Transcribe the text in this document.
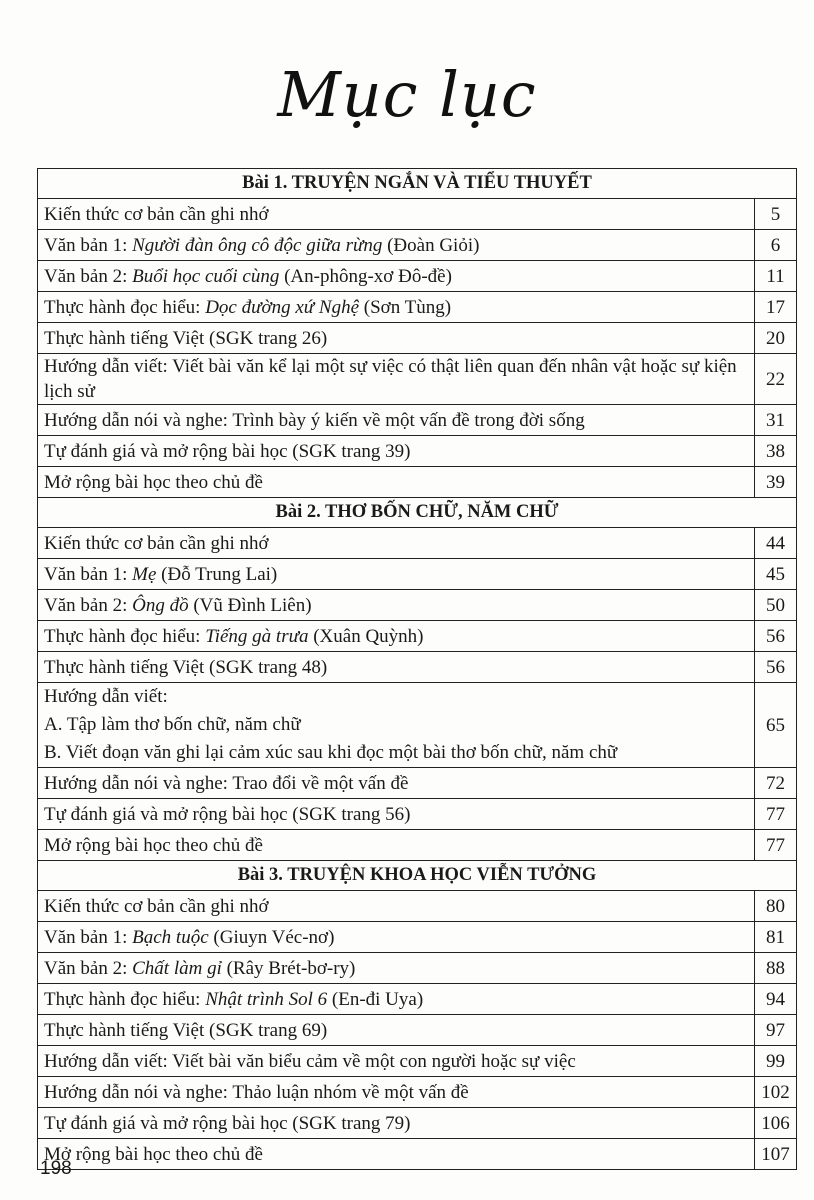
Mục lục
Bài 1. TRUYỆN NGẮN VÀ TIỂU THUYẾT	
Kiến thức cơ bản cần ghi nhớ	5
Văn bản 1: Người đàn ông cô độc giữa rừng (Đoàn Giỏi)	6
Văn bản 2: Buổi học cuối cùng (An-phông-xơ Đô-đề)	11
Thực hành đọc hiểu: Dọc đường xứ Nghệ (Sơn Tùng)	17
Thực hành tiếng Việt (SGK trang 26)	20
Hướng dẫn viết: Viết bài văn kể lại một sự việc có thật liên quan đến nhân vật hoặc sự kiện lịch sử	22
Hướng dẫn nói và nghe: Trình bày ý kiến về một vấn đề trong đời sống	31
Tự đánh giá và mở rộng bài học (SGK trang 39)	38
Mở rộng bài học theo chủ đề	39
Bài 2. THƠ BỐN CHỮ, NĂM CHỮ	
Kiến thức cơ bản cần ghi nhớ	44
Văn bản 1: Mẹ (Đỗ Trung Lai)	45
Văn bản 2: Ông đồ (Vũ Đình Liên)	50
Thực hành đọc hiểu: Tiếng gà trưa (Xuân Quỳnh)	56
Thực hành tiếng Việt (SGK trang 48)	56
Hướng dẫn viết:
A. Tập làm thơ bốn chữ, năm chữ
B. Viết đoạn văn ghi lại cảm xúc sau khi đọc một bài thơ bốn chữ, năm chữ	65
Hướng dẫn nói và nghe: Trao đổi về một vấn đề	72
Tự đánh giá và mở rộng bài học (SGK trang 56)	77
Mở rộng bài học theo chủ đề	77
Bài 3. TRUYỆN KHOA HỌC VIỄN TƯỞNG	
Kiến thức cơ bản cần ghi nhớ	80
Văn bản 1: Bạch tuộc (Giuyn Véc-nơ)	81
Văn bản 2: Chất làm gỉ (Rây Brét-bơ-ry)	88
Thực hành đọc hiểu: Nhật trình Sol 6 (En-đi Uya)	94
Thực hành tiếng Việt (SGK trang 69)	97
Hướng dẫn viết: Viết bài văn biểu cảm về một con người hoặc sự việc	99
Hướng dẫn nói và nghe: Thảo luận nhóm về một vấn đề	102
Tự đánh giá và mở rộng bài học (SGK trang 79)	106
Mở rộng bài học theo chủ đề	107
198
